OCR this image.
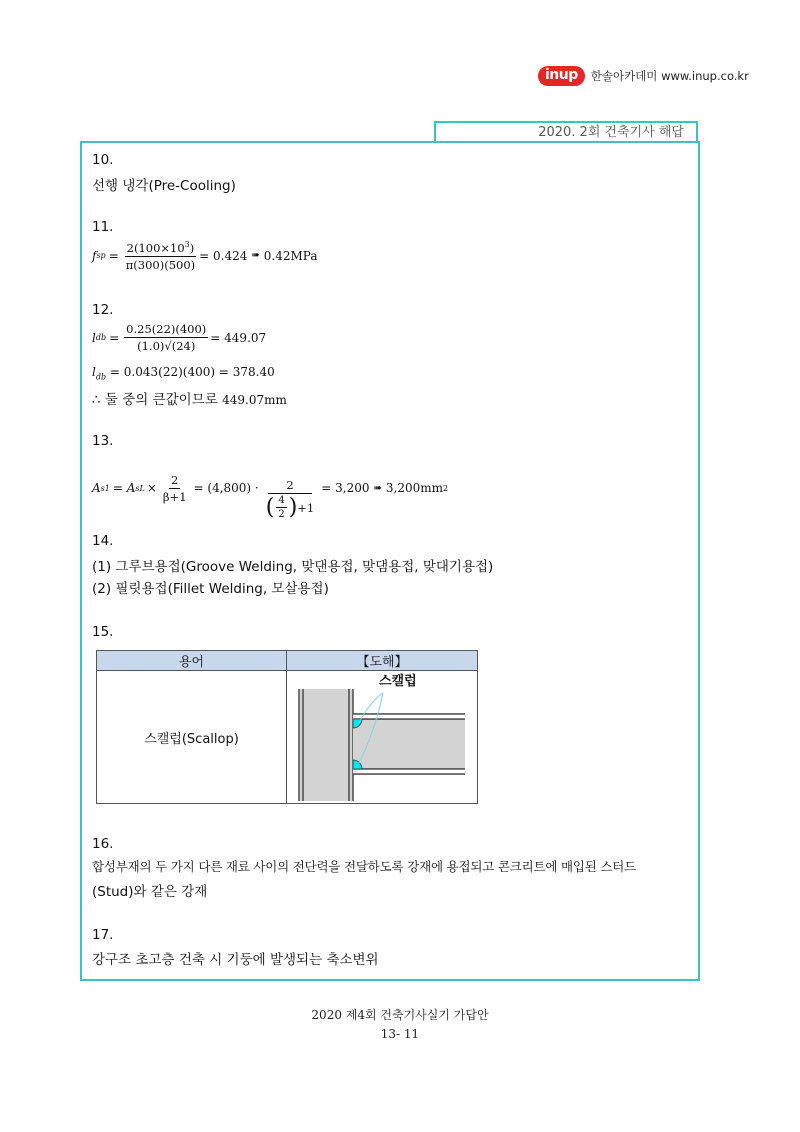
inup	한솔아카데미 www.inup.co.kr
2020. 2회 건축기사 해답
10.
선행 냉각(Pre-Cooling)
11.
f sp = $\frac{2(100\times 10^3)}{\pi(300)(500)} = 0.424$ ➠ 0.42MPa
12.
l db = $\frac{0.25(22)(400)}{(1.0)√(24)} = 449.07$
$l_{db} = 0.043(22)(400) = 378.40$
∴ 둘 중의 큰값이므로 449.07mm
13.
A s1 = A sL × $\frac{2}{\beta+1} = (4,800) \cdot \frac{2}{( \frac{4}{2} ) +1} = 3,200$ ➠ 3,200mm 2
14.
(1) 그루브용접(Groove Welding, 맞댄용접, 맞댐용접, 맞대기용접)
(2) 필릿용접(Fillet Welding, 모살용접)
15.
용어	【도해】
스캘럽(Scallop)	스캘럽
16.
합성부재의 두 가지 다른 재료 사이의 전단력을 전달하도록 강재에 용접되고 콘크리트에 매입된 스터드
(Stud)와 같은 강재
17.
강구조 초고층 건축 시 기둥에 발생되는 축소변위
2020 제4회 건축기사실기 가답안
13- 11
